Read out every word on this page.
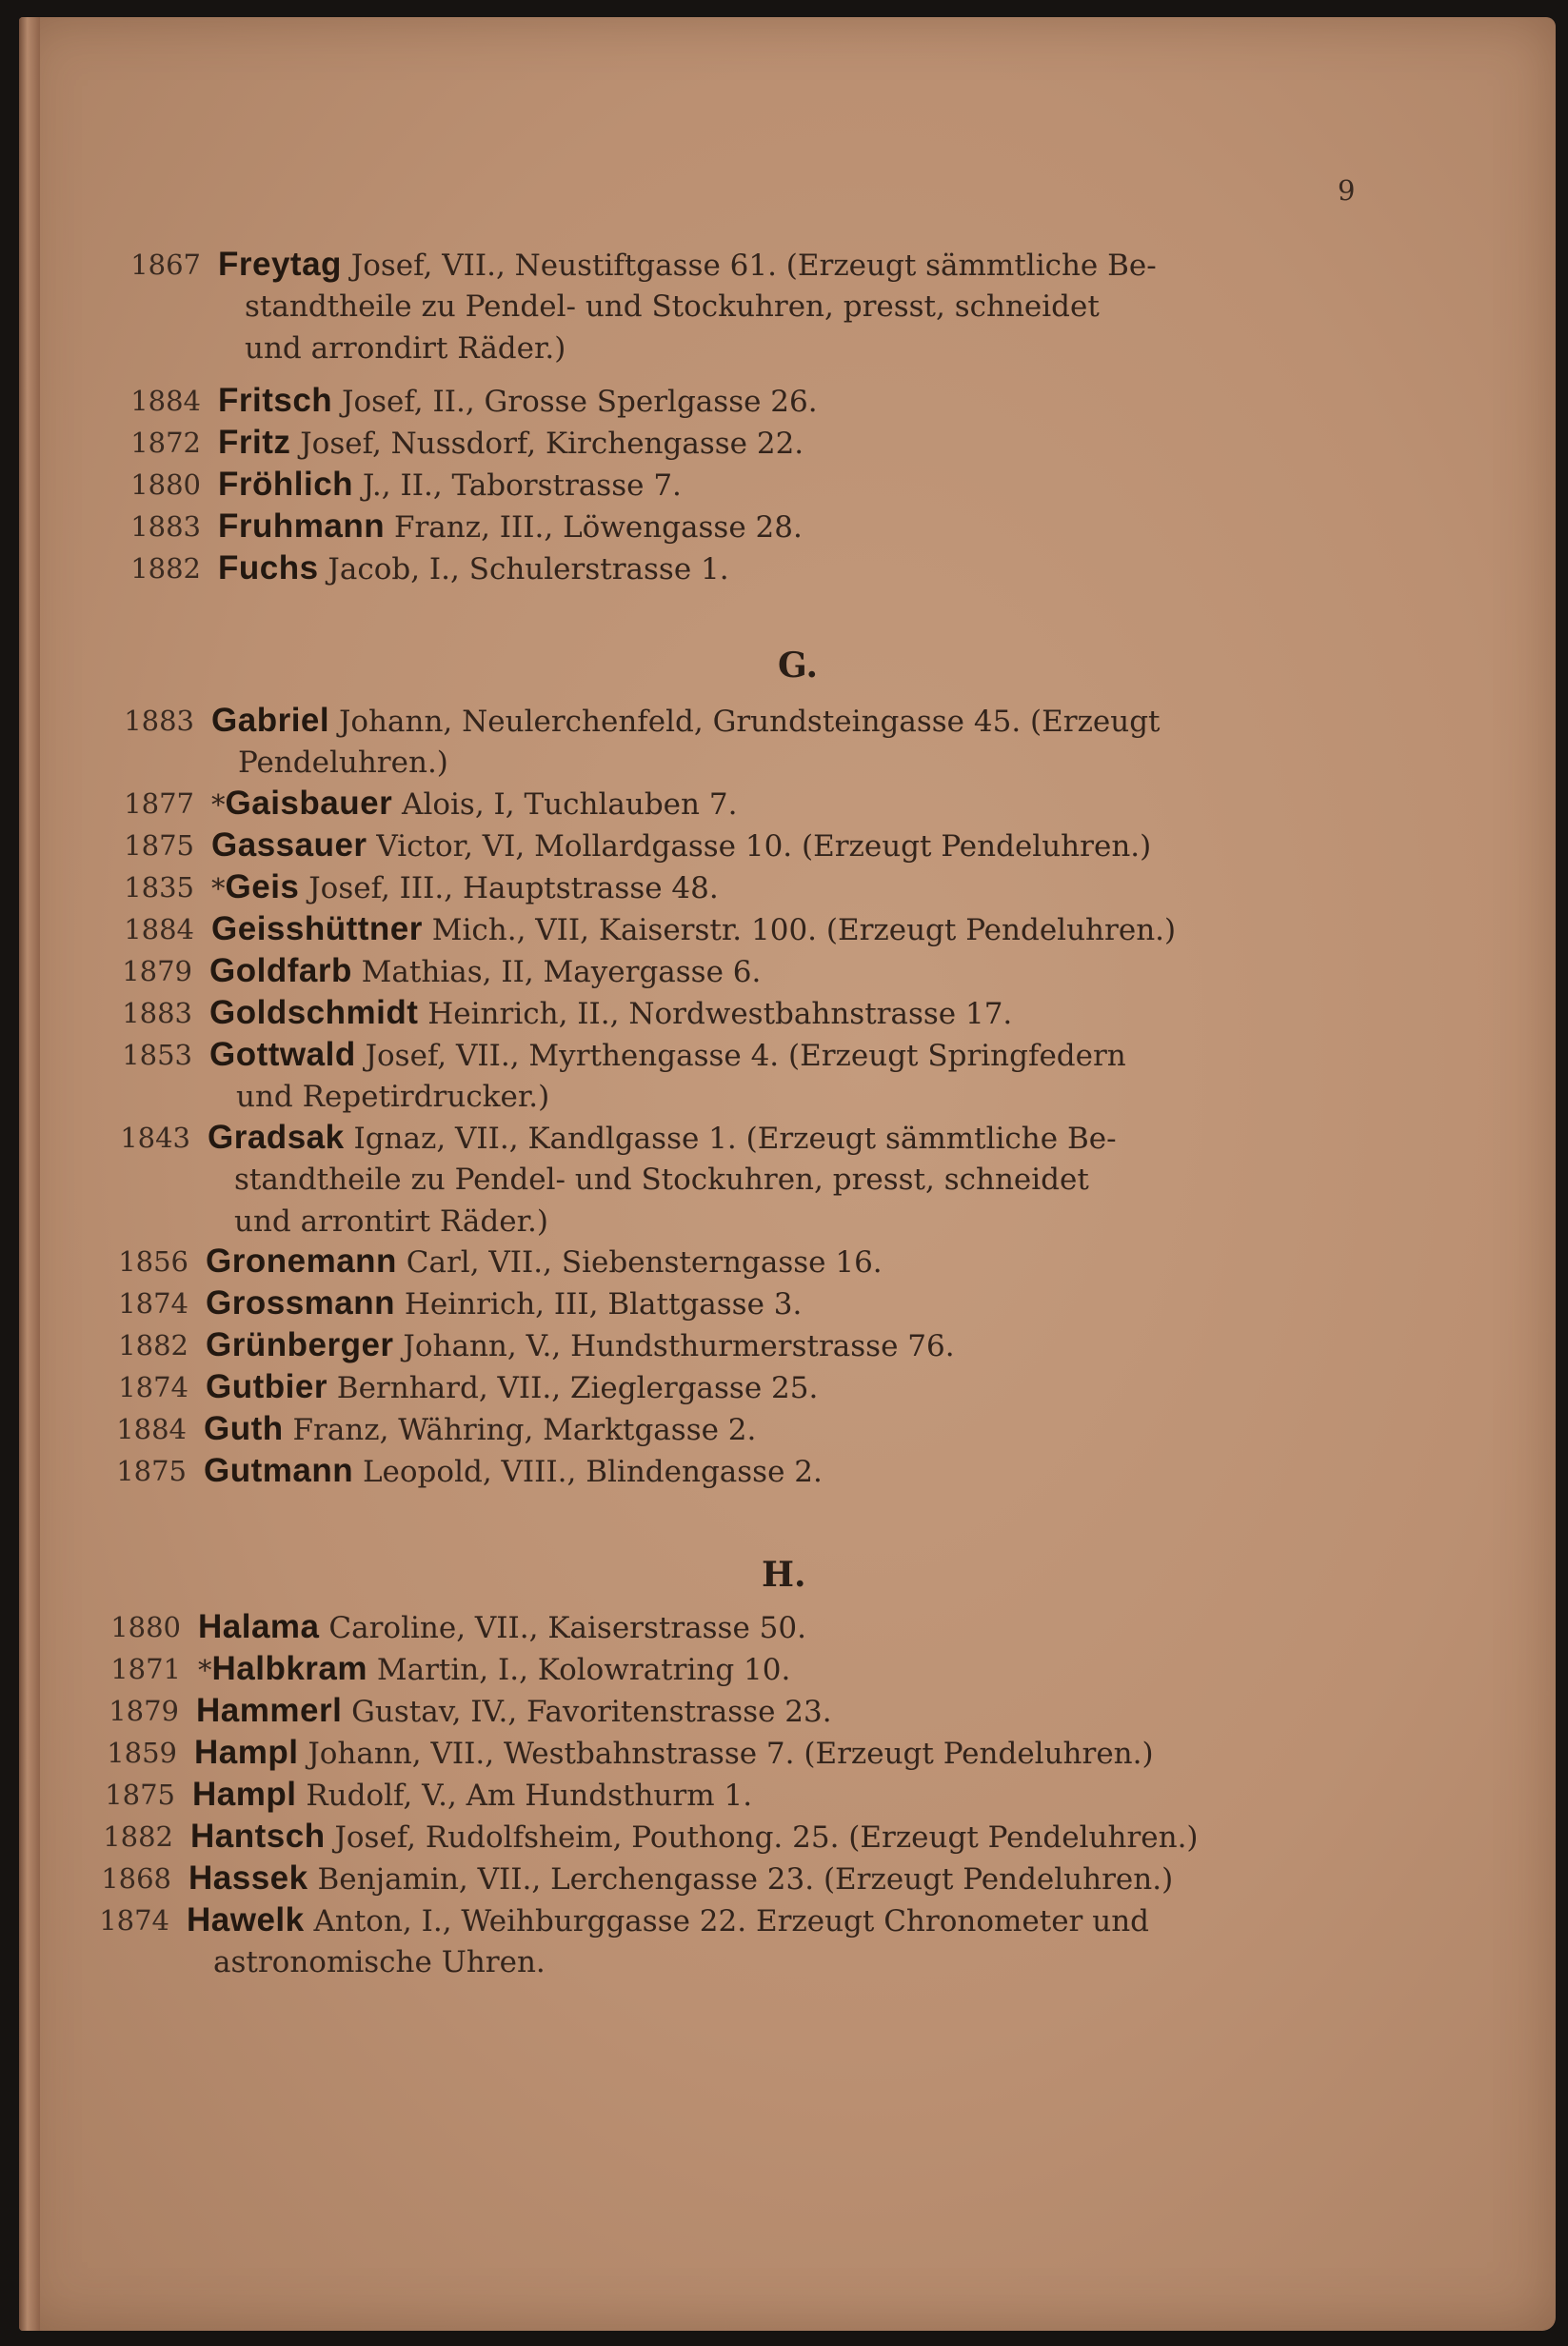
9
1867 Freytag Josef, VII., Neustiftgasse 61. (Erzeugt sämmtliche Be-
standtheile zu Pendel- und Stockuhren, presst, schneidet
und arrondirt Räder.)
1884 Fritsch Josef, II., Grosse Sperlgasse 26.
1872 Fritz Josef, Nussdorf, Kirchengasse 22.
1880 Fröhlich J., II., Taborstrasse 7.
1883 Fruhmann Franz, III., Löwengasse 28.
1882 Fuchs Jacob, I., Schulerstrasse 1.
G.
1883 Gabriel Johann, Neulerchenfeld, Grundsteingasse 45. (Erzeugt
Pendeluhren.)
1877 *Gaisbauer Alois, I, Tuchlauben 7.
1875 Gassauer Victor, VI, Mollardgasse 10. (Erzeugt Pendeluhren.)
1835 *Geis Josef, III., Hauptstrasse 48.
1884 Geisshüttner Mich., VII, Kaiserstr. 100. (Erzeugt Pendeluhren.)
1879 Goldfarb Mathias, II, Mayergasse 6.
1883 Goldschmidt Heinrich, II., Nordwestbahnstrasse 17.
1853 Gottwald Josef, VII., Myrthengasse 4. (Erzeugt Springfedern
und Repetirdrucker.)
1843 Gradsak Ignaz, VII., Kandlgasse 1. (Erzeugt sämmtliche Be-
standtheile zu Pendel- und Stockuhren, presst, schneidet
und arrontirt Räder.)
1856 Gronemann Carl, VII., Siebensterngasse 16.
1874 Grossmann Heinrich, III, Blattgasse 3.
1882 Grünberger Johann, V., Hundsthurmerstrasse 76.
1874 Gutbier Bernhard, VII., Zieglergasse 25.
1884 Guth Franz, Währing, Marktgasse 2.
1875 Gutmann Leopold, VIII., Blindengasse 2.
H.
1880 Halama Caroline, VII., Kaiserstrasse 50.
1871 *Halbkram Martin, I., Kolowratring 10.
1879 Hammerl Gustav, IV., Favoritenstrasse 23.
1859 Hampl Johann, VII., Westbahnstrasse 7. (Erzeugt Pendeluhren.)
1875 Hampl Rudolf, V., Am Hundsthurm 1.
1882 Hantsch Josef, Rudolfsheim, Pouthong. 25. (Erzeugt Pendeluhren.)
1868 Hassek Benjamin, VII., Lerchengasse 23. (Erzeugt Pendeluhren.)
1874 Hawelk Anton, I., Weihburggasse 22. Erzeugt Chronometer und
astronomische Uhren.
